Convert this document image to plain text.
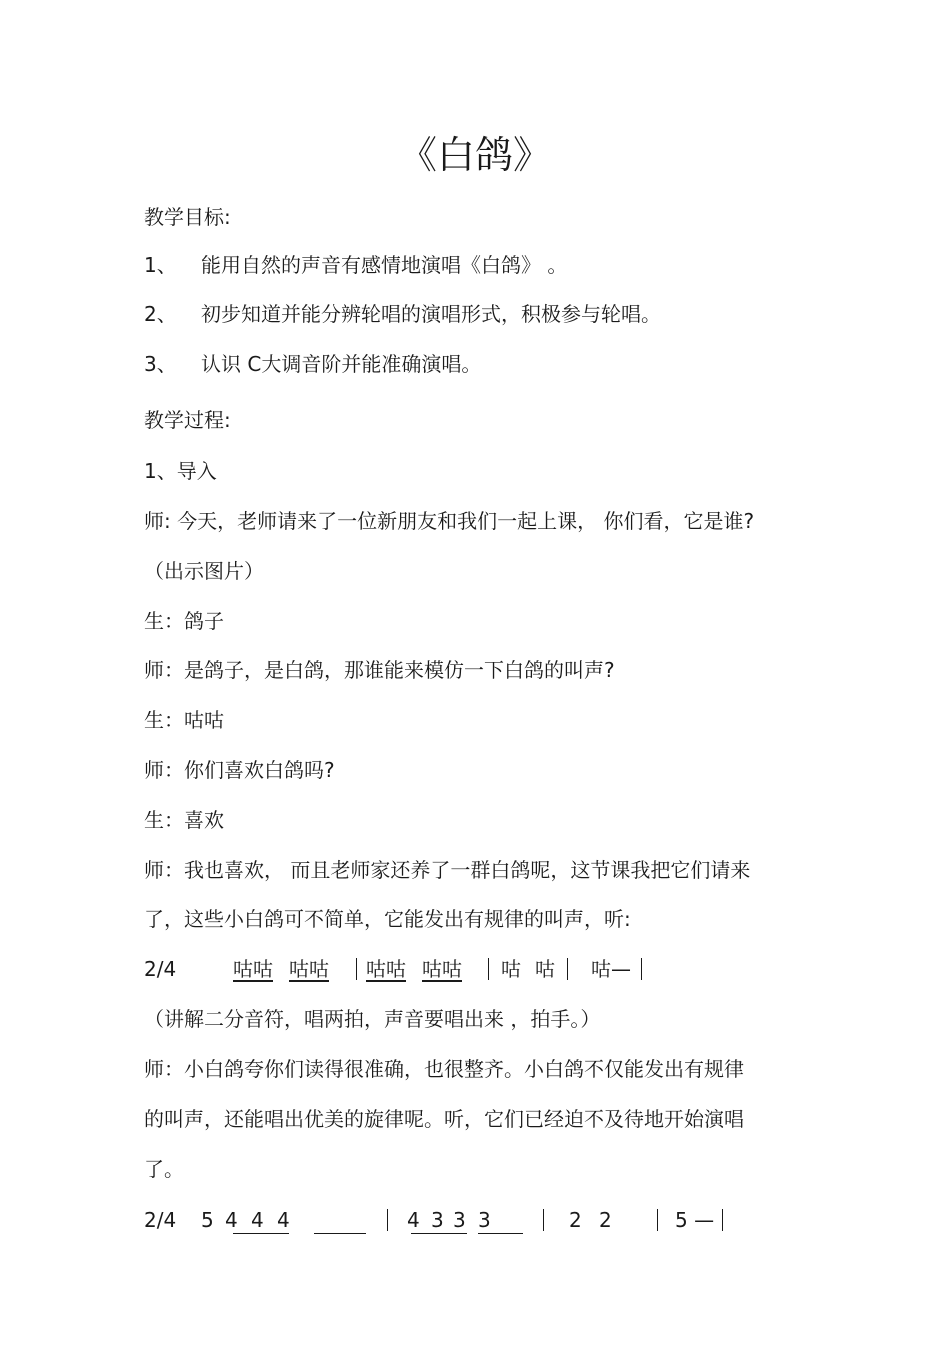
《白鸽》
教学目标:
1、 能用自然的声音有感情地演唱《白鸽》 。
2、 初步知道并能分辨轮唱的演唱形式，积极参与轮唱。
3、 认识 C大调音阶并能准确演唱。
教学过程:
1、导入
师: 今天，老师请来了一位新朋友和我们一起上课， 你们看，它是谁?
（出示图片）
生：鸽子
师：是鸽子，是白鸽，那谁能来模仿一下白鸽的叫声?
生：咕咕
师：你们喜欢白鸽吗?
生：喜欢
师：我也喜欢， 而且老师家还养了一群白鸽呢，这节课我把它们请来
了，这些小白鸽可不简单，它能发出有规律的叫声，听:
2/4	咕咕 咕咕 咕咕 咕咕 咕 咕 咕—
（讲解二分音符，唱两拍，声音要唱出来 ，拍手。）
师：小白鸽夸你们读得很准确，也很整齐。小白鸽不仅能发出有规律
的叫声，还能唱出优美的旋律呢。听，它们已经迫不及待地开始演唱
了。
2/4 5 4 4 4	4 3 3 3	2 2	5 —
